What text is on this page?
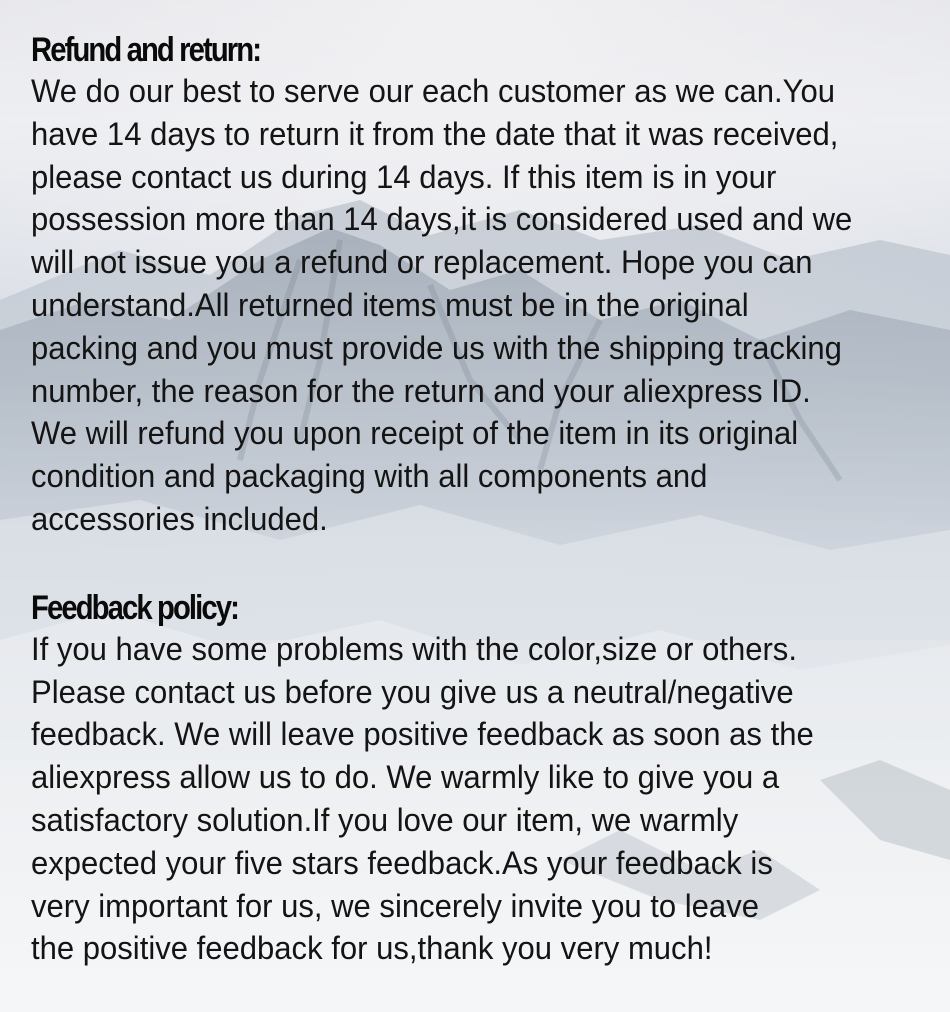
Refund and return:
We do our best to serve our each customer as we can.You
have 14 days to return it from the date that it was received,
please contact us during 14 days. If this item is in your
possession more than 14 days,it is considered used and we
will not issue you a refund or replacement. Hope you can
understand.All returned items must be in the original
packing and you must provide us with the shipping tracking
number, the reason for the return and your aliexpress ID.
We will refund you upon receipt of the item in its original
condition and packaging with all components and
accessories included.
Feedback policy:
If you have some problems with the color,size or others.
Please contact us before you give us a neutral/negative
feedback. We will leave positive feedback as soon as the
aliexpress allow us to do. We warmly like to give you a
satisfactory solution.If you love our item, we warmly
expected your five stars feedback.As your feedback is
very important for us, we sincerely invite you to leave
the positive feedback for us,thank you very much!
